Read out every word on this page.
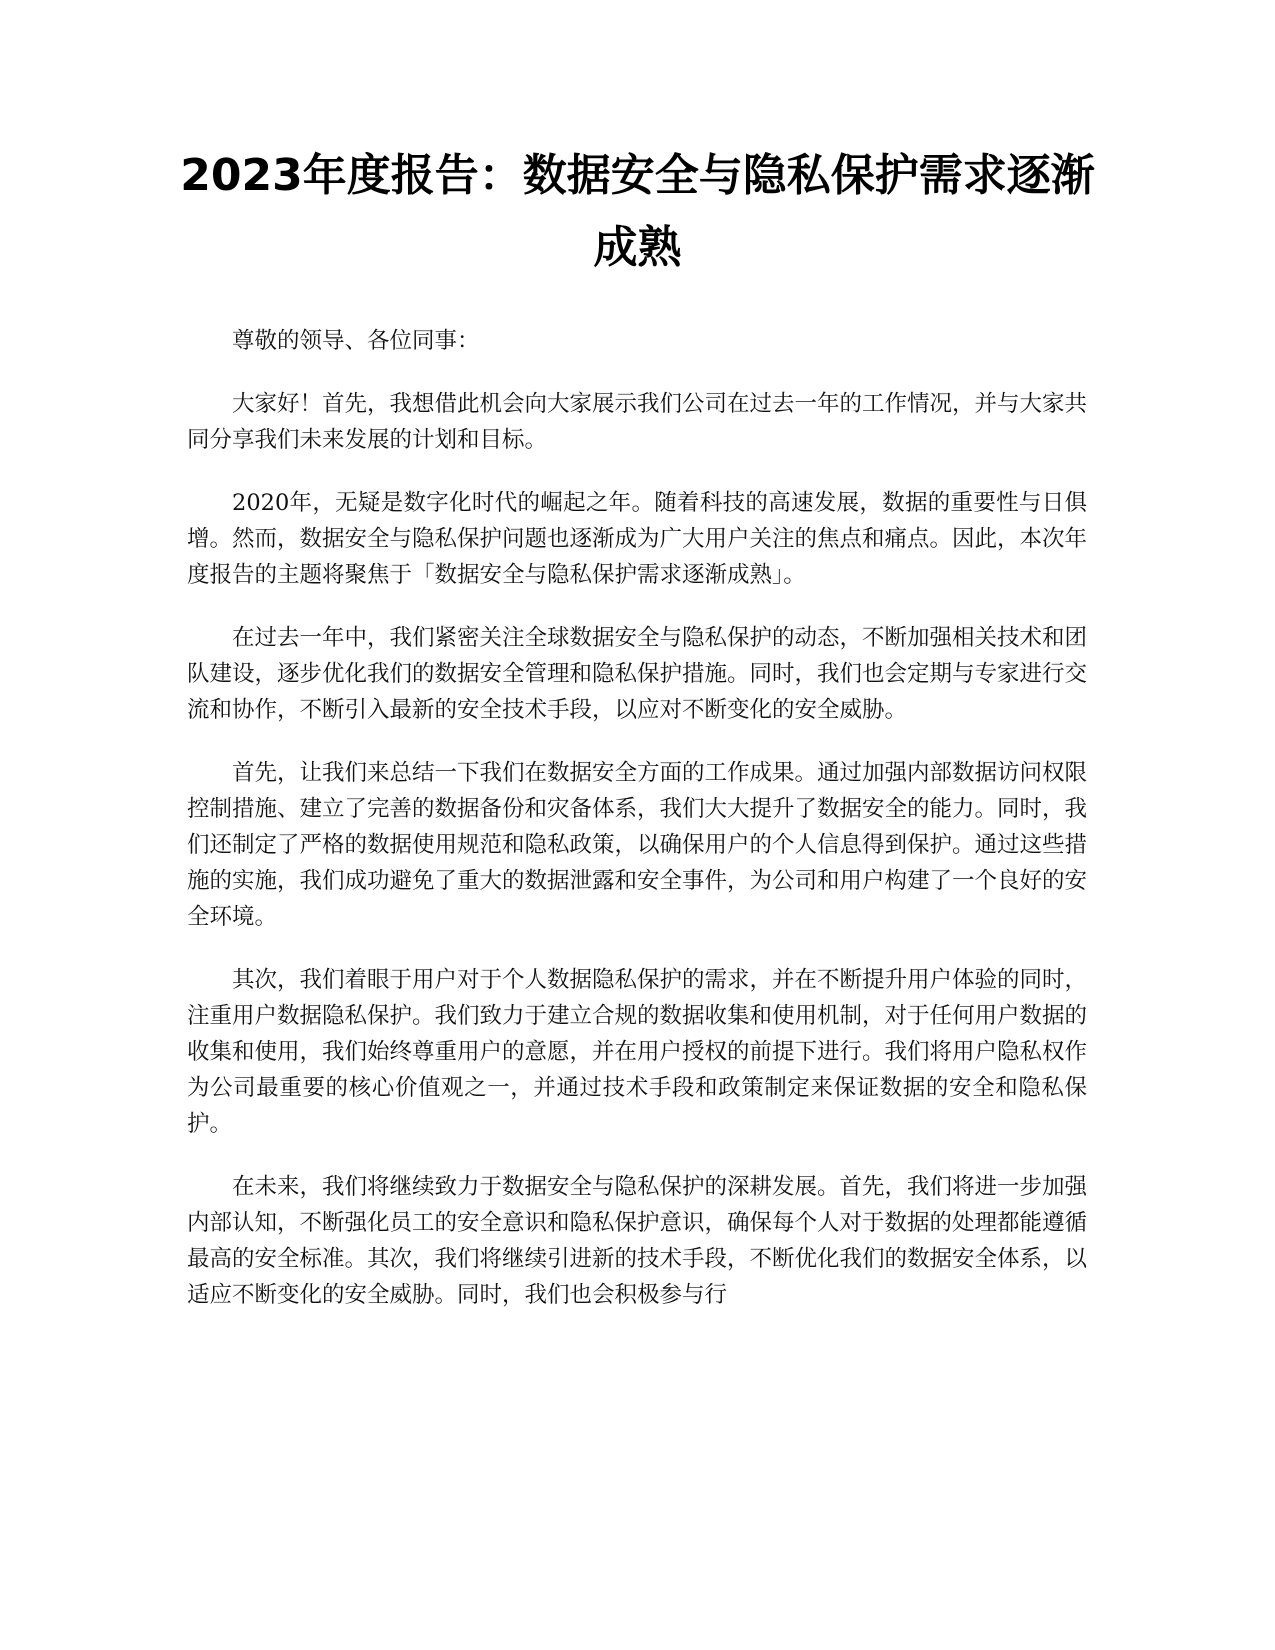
2023年度报告：数据安全与隐私保护需求逐渐成熟

尊敬的领导、各位同事：

大家好！首先，我想借此机会向大家展示我们公司在过去一年的工作情况，并与大家共同分享我们未来发展的计划和目标。

2020年，无疑是数字化时代的崛起之年。随着科技的高速发展，数据的重要性与日俱增。然而，数据安全与隐私保护问题也逐渐成为广大用户关注的焦点和痛点。因此，本次年度报告的主题将聚焦于「数据安全与隐私保护需求逐渐成熟」。

在过去一年中，我们紧密关注全球数据安全与隐私保护的动态，不断加强相关技术和团队建设，逐步优化我们的数据安全管理和隐私保护措施。同时，我们也会定期与专家进行交流和协作，不断引入最新的安全技术手段，以应对不断变化的安全威胁。

首先，让我们来总结一下我们在数据安全方面的工作成果。通过加强内部数据访问权限控制措施、建立了完善的数据备份和灾备体系，我们大大提升了数据安全的能力。同时，我们还制定了严格的数据使用规范和隐私政策，以确保用户的个人信息得到保护。通过这些措施的实施，我们成功避免了重大的数据泄露和安全事件，为公司和用户构建了一个良好的安全环境。

其次，我们着眼于用户对于个人数据隐私保护的需求，并在不断提升用户体验的同时，注重用户数据隐私保护。我们致力于建立合规的数据收集和使用机制，对于任何用户数据的收集和使用，我们始终尊重用户的意愿，并在用户授权的前提下进行。我们将用户隐私权作为公司最重要的核心价值观之一，并通过技术手段和政策制定来保证数据的安全和隐私保护。

在未来，我们将继续致力于数据安全与隐私保护的深耕发展。首先，我们将进一步加强内部认知，不断强化员工的安全意识和隐私保护意识，确保每个人对于数据的处理都能遵循最高的安全标准。其次，我们将继续引进新的技术手段，不断优化我们的数据安全体系，以适应不断变化的安全威胁。同时，我们也会积极参与行
